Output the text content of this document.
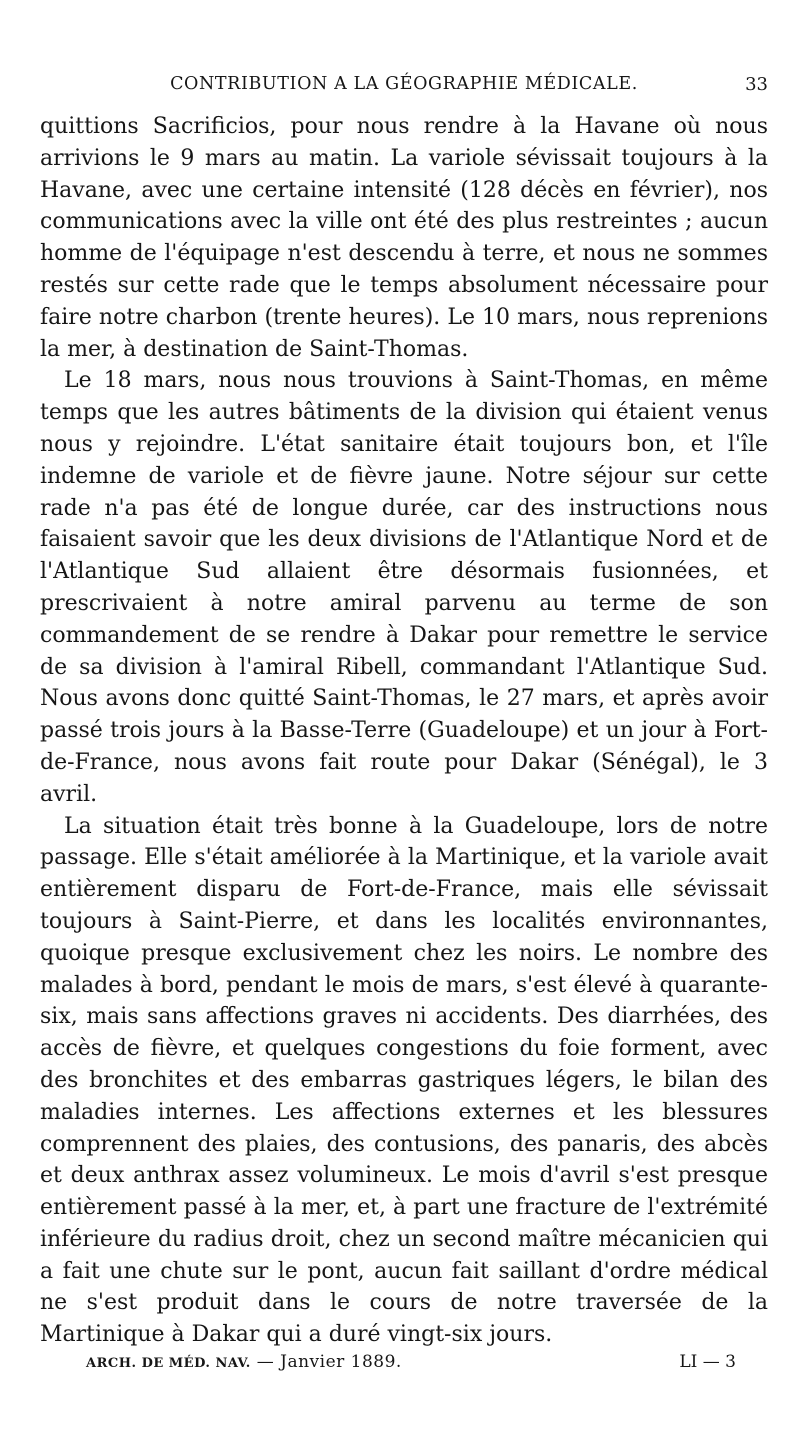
CONTRIBUTION A LA GÉOGRAPHIE MÉDICALE.	33

quittions Sacrificios, pour nous rendre à la Havane où nous arrivions le 9 mars au matin. La variole sévissait toujours à la Havane, avec une certaine intensité (128 décès en février), nos communications avec la ville ont été des plus restreintes ; aucun homme de l'équipage n'est descendu à terre, et nous ne sommes restés sur cette rade que le temps absolument nécessaire pour faire notre charbon (trente heures). Le 10 mars, nous reprenions la mer, à destination de Saint-Thomas.

Le 18 mars, nous nous trouvions à Saint-Thomas, en même temps que les autres bâtiments de la division qui étaient venus nous y rejoindre. L'état sanitaire était toujours bon, et l'île indemne de variole et de fièvre jaune. Notre séjour sur cette rade n'a pas été de longue durée, car des instructions nous faisaient savoir que les deux divisions de l'Atlantique Nord et de l'Atlantique Sud allaient être désormais fusionnées, et prescrivaient à notre amiral parvenu au terme de son commandement de se rendre à Dakar pour remettre le service de sa division à l'amiral Ribell, commandant l'Atlantique Sud. Nous avons donc quitté Saint-Thomas, le 27 mars, et après avoir passé trois jours à la Basse-Terre (Guadeloupe) et un jour à Fort-de-France, nous avons fait route pour Dakar (Sénégal), le 3 avril.

La situation était très bonne à la Guadeloupe, lors de notre passage. Elle s'était améliorée à la Martinique, et la variole avait entièrement disparu de Fort-de-France, mais elle sévissait toujours à Saint-Pierre, et dans les localités environnantes, quoique presque exclusivement chez les noirs. Le nombre des malades à bord, pendant le mois de mars, s'est élevé à quarante-six, mais sans affections graves ni accidents. Des diarrhées, des accès de fièvre, et quelques congestions du foie forment, avec des bronchites et des embarras gastriques légers, le bilan des maladies internes. Les affections externes et les blessures comprennent des plaies, des contusions, des panaris, des abcès et deux anthrax assez volumineux. Le mois d'avril s'est presque entièrement passé à la mer, et, à part une fracture de l'extrémité inférieure du radius droit, chez un second maître mécanicien qui a fait une chute sur le pont, aucun fait saillant d'ordre médical ne s'est produit dans le cours de notre traversée de la Martinique à Dakar qui a duré vingt-six jours.

ARCH. DE MÉD. NAV. — Janvier 1889.	LI — 3
